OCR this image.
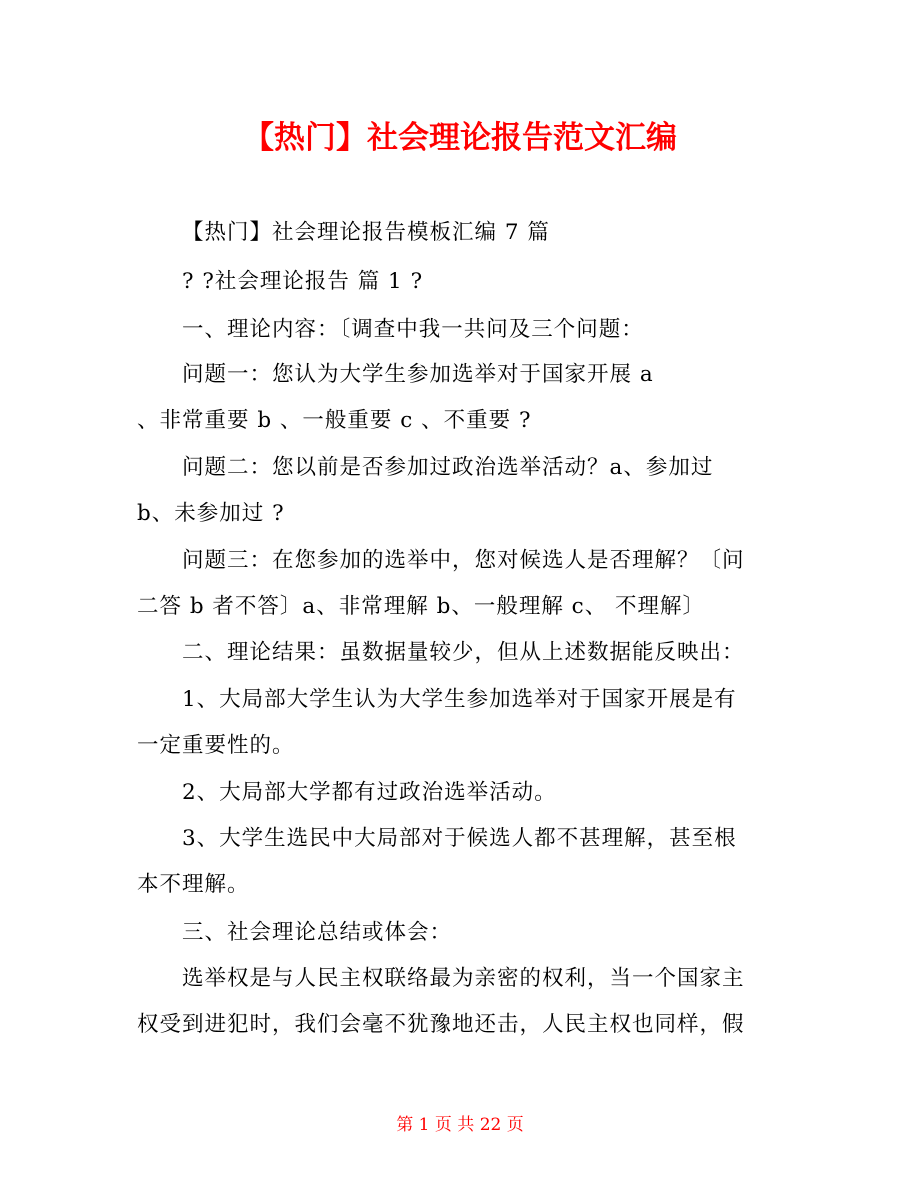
【热门】社会理论报告范文汇编
【热门】社会理论报告模板汇编 7 篇
? ?社会理论报告 篇 1 ?
一、理论内容：〔调查中我一共问及三个问题：
问题一：您认为大学生参加选举对于国家开展 a
、非常重要 b 、一般重要 c 、不重要 ?
问题二：您以前是否参加过政治选举活动？a、参加过
b、未参加过 ?
问题三：在您参加的选举中，您对候选人是否理解？〔问
二答 b 者不答〕a、非常理解 b、一般理解 c、 不理解〕
二、理论结果：虽数据量较少，但从上述数据能反映出：
1、大局部大学生认为大学生参加选举对于国家开展是有
一定重要性的。
2、大局部大学都有过政治选举活动。
3、大学生选民中大局部对于候选人都不甚理解，甚至根
本不理解。
三、社会理论总结或体会：
选举权是与人民主权联络最为亲密的权利，当一个国家主
权受到进犯时，我们会毫不犹豫地还击，人民主权也同样，假
第 1 页 共 22 页
